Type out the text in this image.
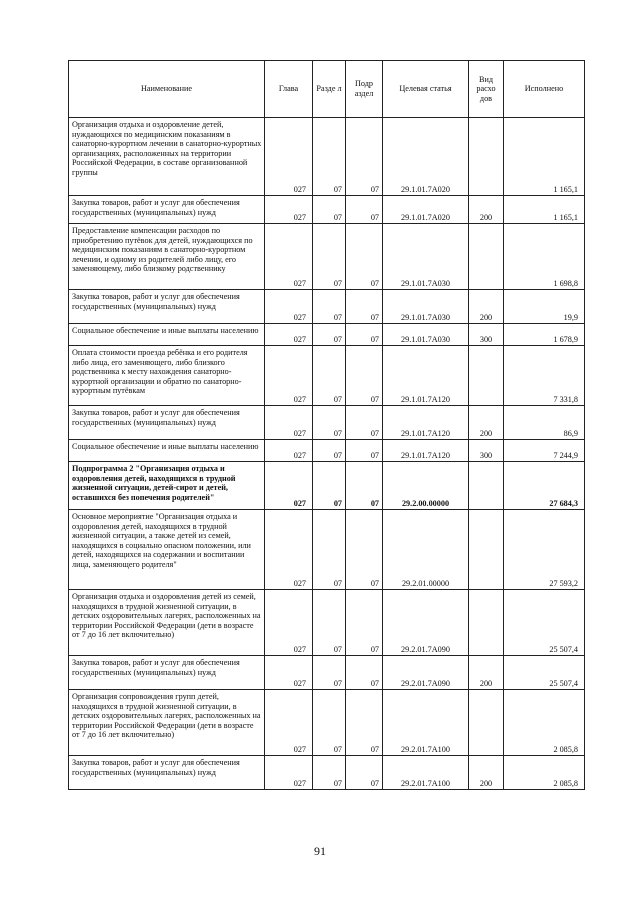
Наименование	Глава	Разде л	Подр аздел	Целевая статья	Вид расхо дов	Исполнено
Организация отдыха и оздоровление детей, нуждающихся по медицинским показаниям в санаторно-курортном лечении в санаторно-курортных организациях, расположенных на территории Российской Федерации, в составе организованной группы	027	07	07	29.1.01.7А020		1 165,1
Закупка товаров, работ и услуг для обеспечения государственных (муниципальных) нужд	027	07	07	29.1.01.7А020	200	1 165,1
Предоставление компенсации расходов по приобретению путёвок для детей, нуждающихся по медицинским показаниям в санаторно-курортном лечении, и одному из родителей либо лицу, его заменяющему, либо близкому родственнику	027	07	07	29.1.01.7А030		1 698,8
Закупка товаров, работ и услуг для обеспечения государственных (муниципальных) нужд	027	07	07	29.1.01.7А030	200	19,9
Социальное обеспечение и иные выплаты населению	027	07	07	29.1.01.7А030	300	1 678,9
Оплата стоимости проезда ребёнка и его родителя либо лица, его заменяющего, либо близкого родственника к месту нахождения санаторно-курортной организации и обратно по санаторно-курортным путёвкам	027	07	07	29.1.01.7А120		7 331,8
Закупка товаров, работ и услуг для обеспечения государственных (муниципальных) нужд	027	07	07	29.1.01.7А120	200	86,9
Социальное обеспечение и иные выплаты населению	027	07	07	29.1.01.7А120	300	7 244,9
Подпрограмма 2 "Организация отдыха и оздоровления детей, находящихся в трудной жизненной ситуации, детей-сирот и детей, оставшихся без попечения родителей"	027	07	07	29.2.00.00000		27 684,3
Основное мероприятие "Организация отдыха и оздоровления детей, находящихся в трудной жизненной ситуации, а также детей из семей, находящихся в социально опасном положении, или детей, находящихся на содержании и воспитании лица, заменяющего родителя"	027	07	07	29.2.01.00000		27 593,2
Организация отдыха и оздоровления детей из семей, находящихся в трудной жизненной ситуации, в детских оздоровительных лагерях, расположенных на территории Российской Федерации (дети в возрасте от 7 до 16 лет включительно)	027	07	07	29.2.01.7А090		25 507,4
Закупка товаров, работ и услуг для обеспечения государственных (муниципальных) нужд	027	07	07	29.2.01.7А090	200	25 507,4
Организация сопровождения групп детей, находящихся в трудной жизненной ситуации, в детских оздоровительных лагерях, расположенных на территории Российской Федерации (дети в возрасте от 7 до 16 лет включительно)	027	07	07	29.2.01.7А100		2 085,8
Закупка товаров, работ и услуг для обеспечения государственных (муниципальных) нужд	027	07	07	29.2.01.7А100	200	2 085,8
91
